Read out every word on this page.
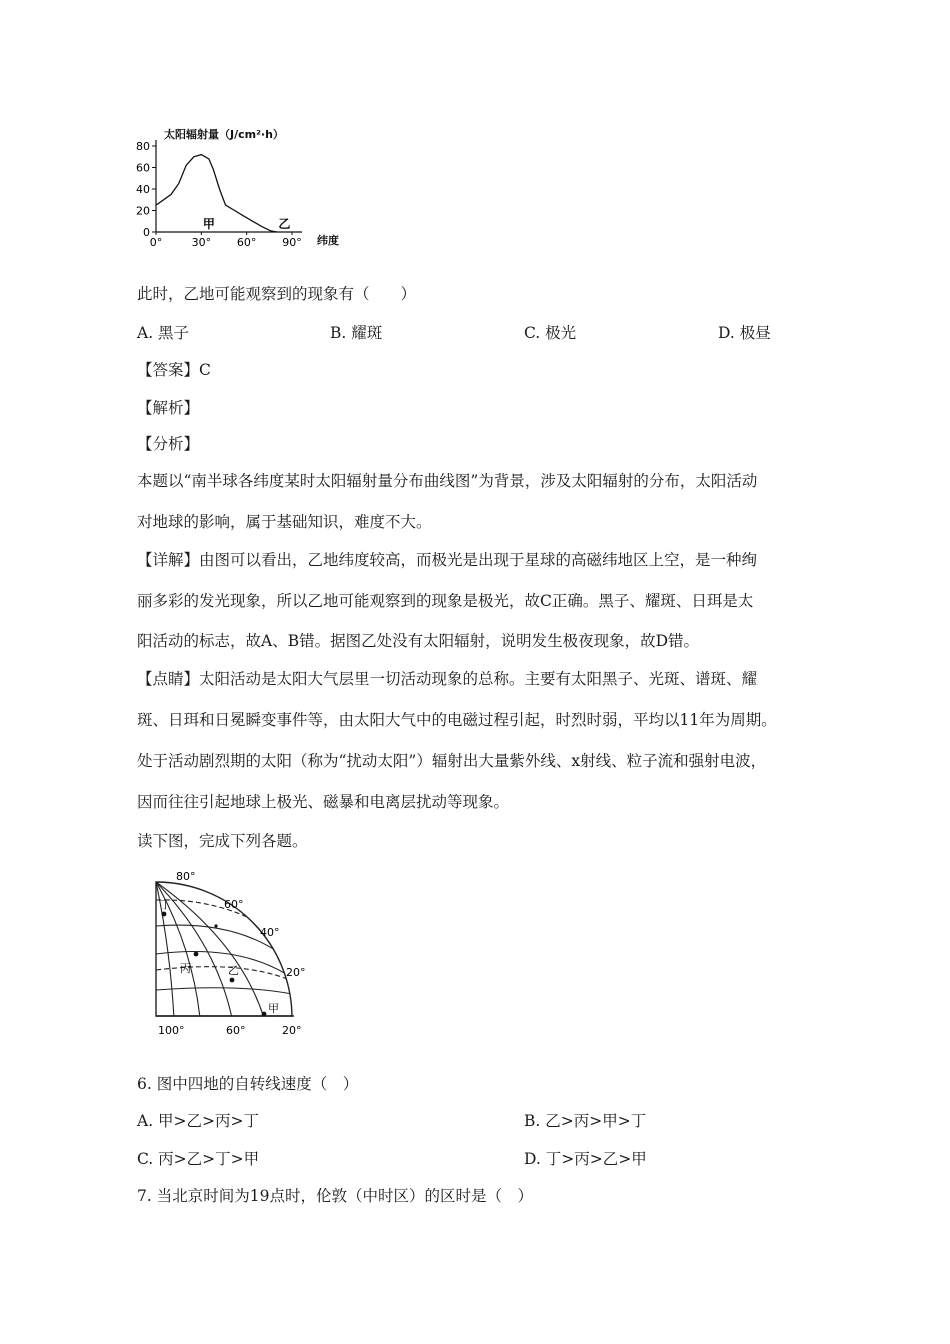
太阳辐射量（J/cm²·h）
0
20
40
60
80
0°	30° 60° 90°
甲	乙
纬度
此时，乙地可能观察到的现象有（　　）
A. 黑子	B. 耀斑	C. 极光	D. 极昼
【答案】C
【解析】
【分析】
本题以“南半球各纬度某时太阳辐射量分布曲线图”为背景，涉及太阳辐射的分布，太阳活动
对地球的影响，属于基础知识，难度不大。
【详解】由图可以看出，乙地纬度较高，而极光是出现于星球的高磁纬地区上空，是一种绚
丽多彩的发光现象，所以乙地可能观察到的现象是极光，故C正确。黑子、耀斑、日珥是太
阳活动的标志，故A、B错。据图乙处没有太阳辐射，说明发生极夜现象，故D错。
【点睛】太阳活动是太阳大气层里一切活动现象的总称。主要有太阳黑子、光斑、谱斑、耀
斑、日珥和日冕瞬变事件等，由太阳大气中的电磁过程引起，时烈时弱，平均以11年为周期。
处于活动剧烈期的太阳（称为“扰动太阳”）辐射出大量紫外线、x射线、粒子流和强射电波，
因而往往引起地球上极光、磁暴和电离层扰动等现象。
读下图，完成下列各题。
80°
60°
40°
20°
100°	60°	20°
丁
丙	乙
甲
6. 图中四地的自转线速度（　）
A. 甲>乙>丙>丁	B. 乙>丙>甲>丁
C. 丙>乙>丁>甲	D. 丁>丙>乙>甲
7. 当北京时间为19点时，伦敦（中时区）的区时是（　）
